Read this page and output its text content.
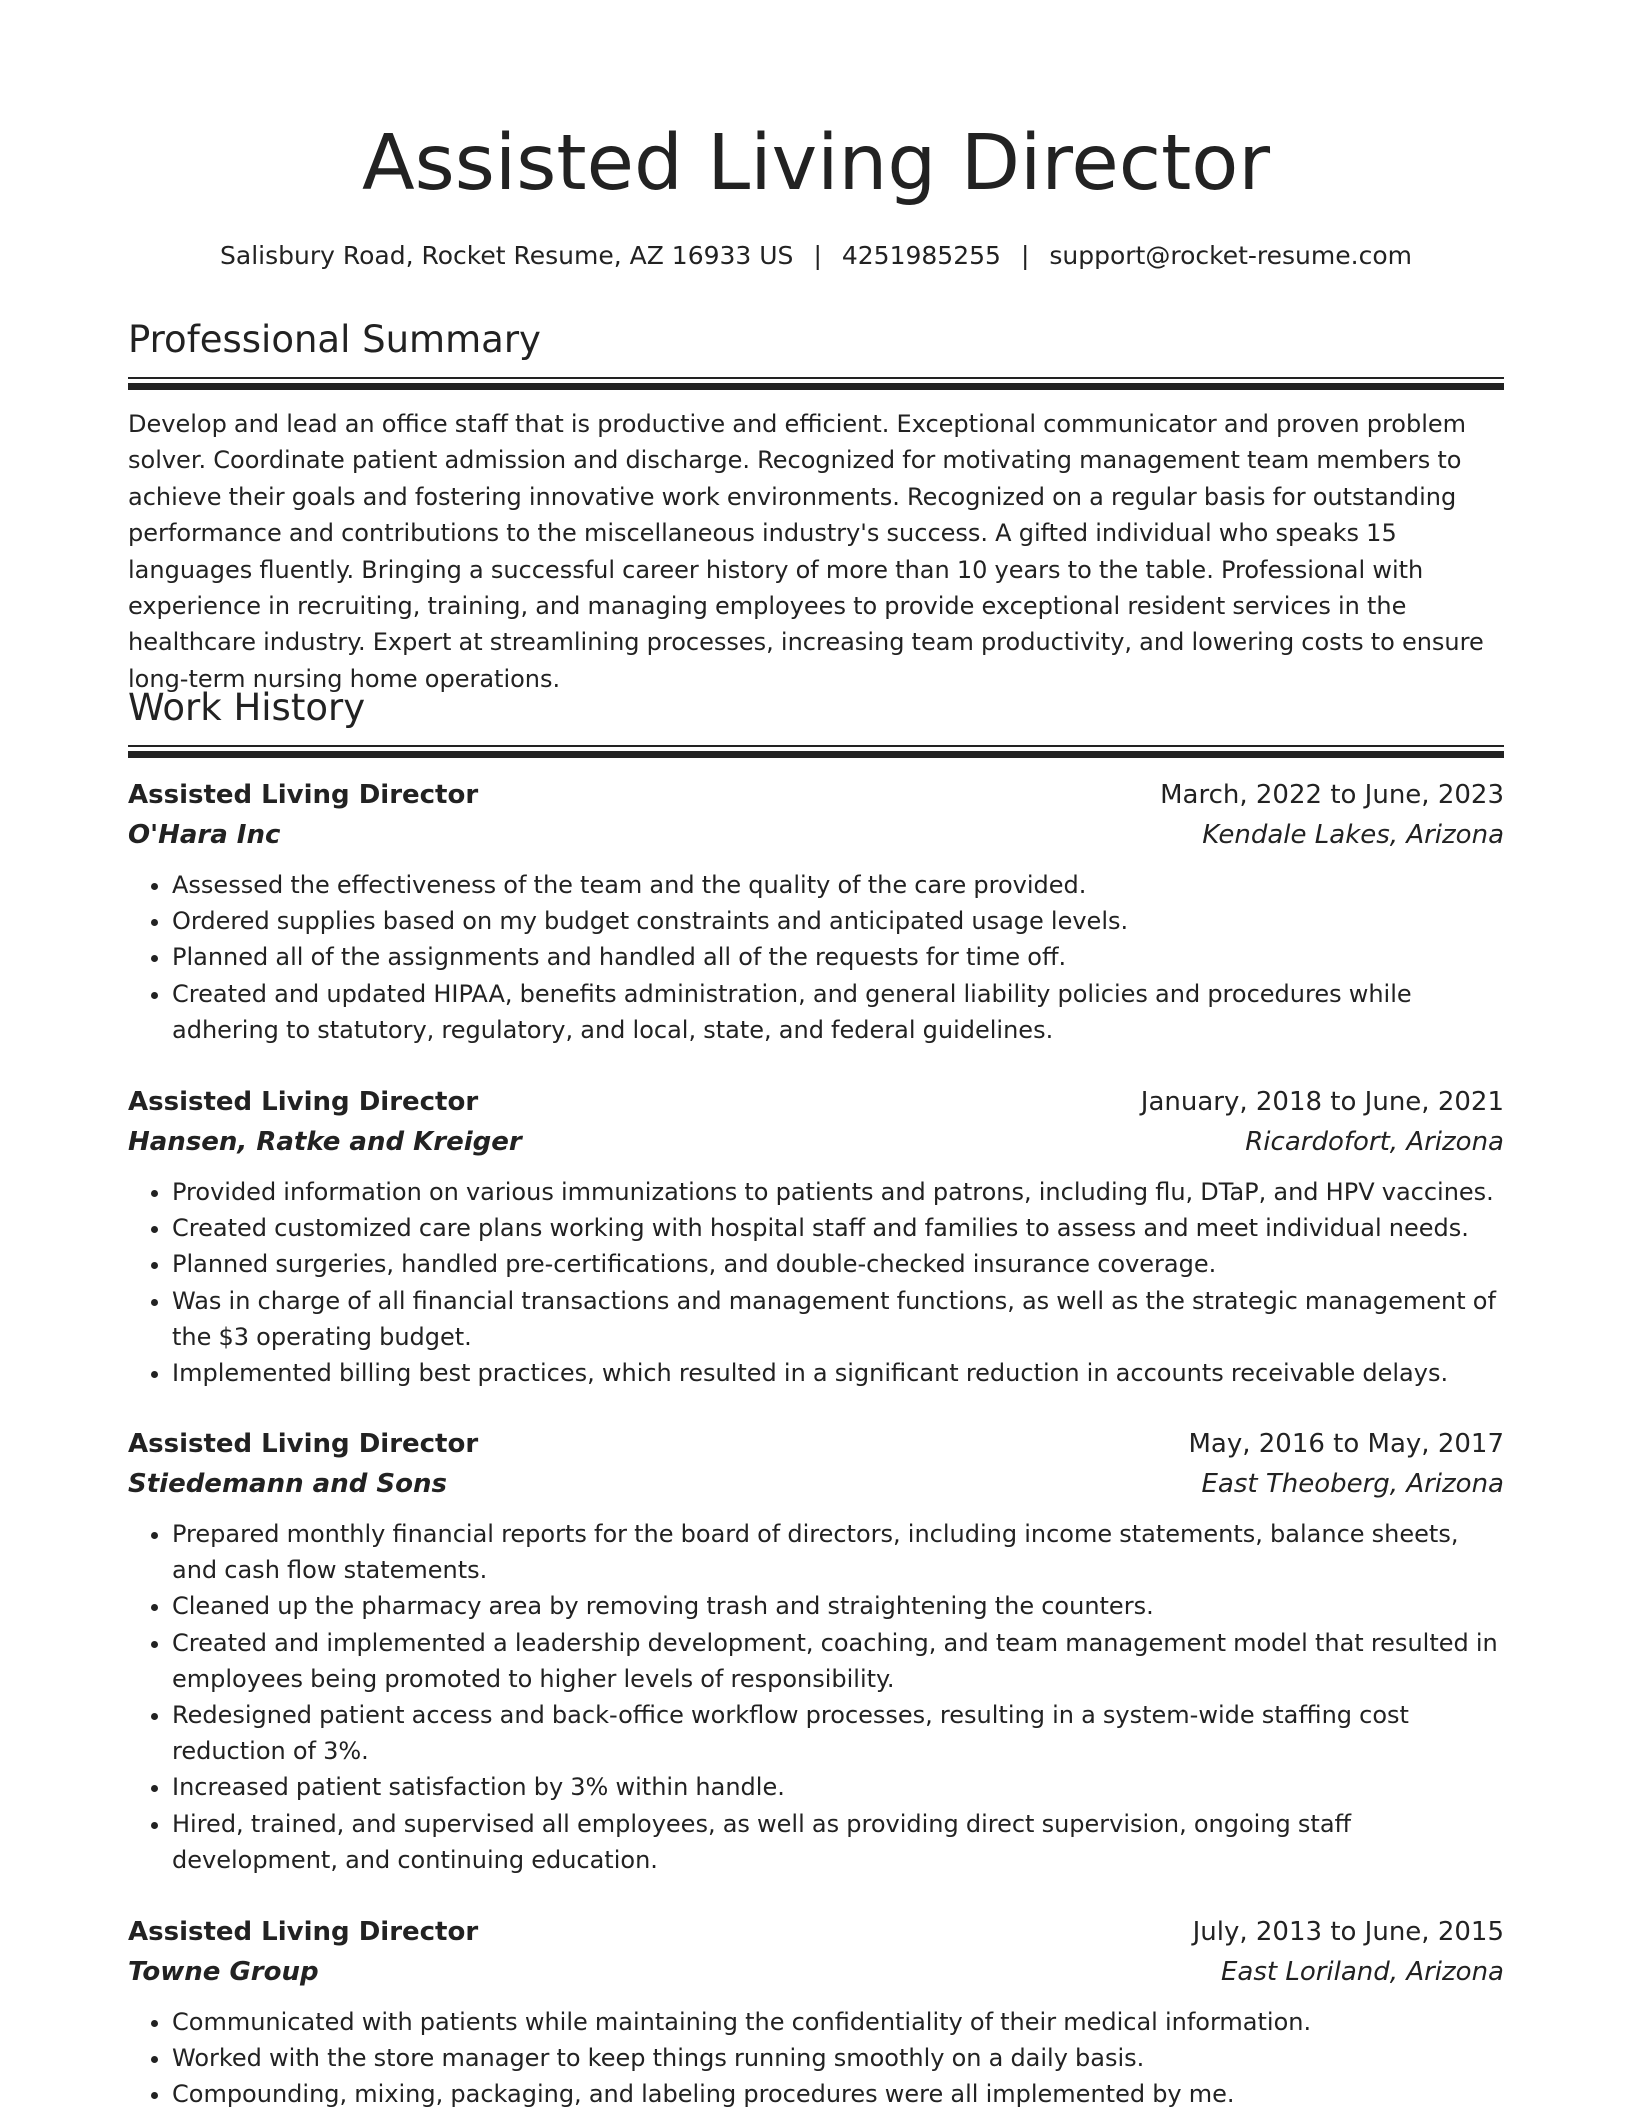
Assisted Living Director
Salisbury Road, Rocket Resume, AZ 16933 US | 4251985255 | support@rocket-resume.com
Professional Summary

Develop and lead an office staff that is productive and efficient. Exceptional communicator and proven problem solver. Coordinate patient admission and discharge. Recognized for motivating management team members to achieve their goals and fostering innovative work environments. Recognized on a regular basis for outstanding performance and contributions to the miscellaneous industry's success. A gifted individual who speaks 15 languages fluently. Bringing a successful career history of more than 10 years to the table. Professional with experience in recruiting, training, and managing employees to provide exceptional resident services in the healthcare industry. Expert at streamlining processes, increasing team productivity, and lowering costs to ensure long-term nursing home operations.

Work History
Assisted Living Director	March, 2022 to June, 2023
O'Hara Inc	Kendale Lakes, Arizona
• Assessed the effectiveness of the team and the quality of the care provided.
• Ordered supplies based on my budget constraints and anticipated usage levels.
• Planned all of the assignments and handled all of the requests for time off.
• Created and updated HIPAA, benefits administration, and general liability policies and procedures while adhering to statutory, regulatory, and local, state, and federal guidelines.
Assisted Living Director	January, 2018 to June, 2021
Hansen, Ratke and Kreiger	Ricardofort, Arizona
• Provided information on various immunizations to patients and patrons, including flu, DTaP, and HPV vaccines.
• Created customized care plans working with hospital staff and families to assess and meet individual needs.
• Planned surgeries, handled pre-certifications, and double-checked insurance coverage.
• Was in charge of all financial transactions and management functions, as well as the strategic management of the $3 operating budget.
• Implemented billing best practices, which resulted in a significant reduction in accounts receivable delays.
Assisted Living Director	May, 2016 to May, 2017
Stiedemann and Sons	East Theoberg, Arizona
• Prepared monthly financial reports for the board of directors, including income statements, balance sheets, and cash flow statements.
• Cleaned up the pharmacy area by removing trash and straightening the counters.
• Created and implemented a leadership development, coaching, and team management model that resulted in employees being promoted to higher levels of responsibility.
• Redesigned patient access and back-office workflow processes, resulting in a system-wide staffing cost reduction of 3%.
• Increased patient satisfaction by 3% within handle.
• Hired, trained, and supervised all employees, as well as providing direct supervision, ongoing staff development, and continuing education.
Assisted Living Director	July, 2013 to June, 2015
Towne Group	East Loriland, Arizona
• Communicated with patients while maintaining the confidentiality of their medical information.
• Worked with the store manager to keep things running smoothly on a daily basis.
• Compounding, mixing, packaging, and labeling procedures were all implemented by me.
